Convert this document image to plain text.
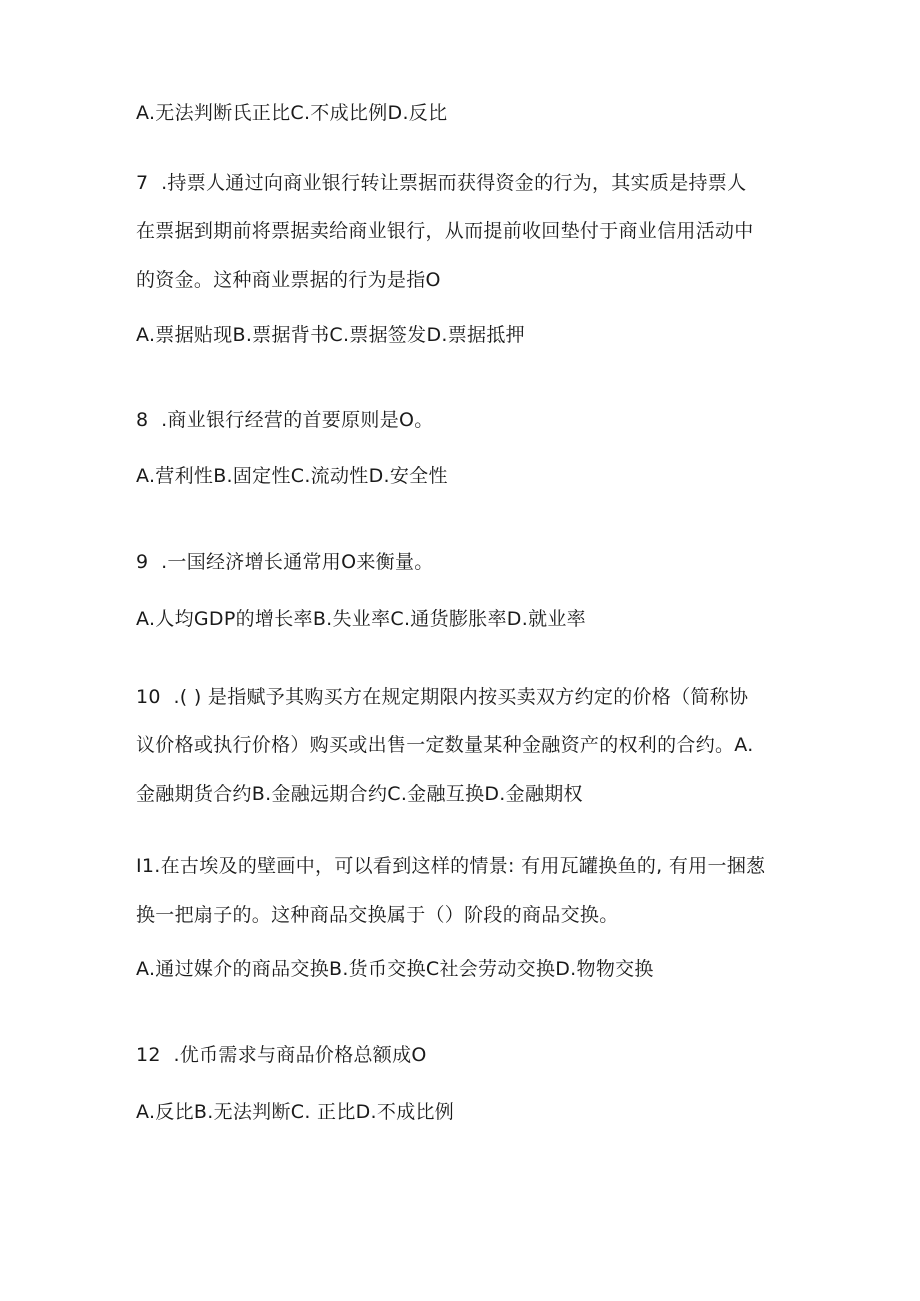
A.无法判断氏正比C.不成比例D.反比

7  .持票人通过向商业银行转让票据而获得资金的行为，其实质是持票人

在票据到期前将票据卖给商业银行，从而提前收回垫付于商业信用活动中

的资金。这种商业票据的行为是指O

A.票据贴现B.票据背书C.票据签发D.票据抵押

8  .商业银行经营的首要原则是O。

A.营利性B.固定性C.流动性D.安全性

9  .一国经济增长通常用O来衡量。

A.人均GDP的增长率B.失业率C.通货膨胀率D.就业率

10  .( ) 是指赋予其购买方在规定期限内按买卖双方约定的价格（简称协

议价格或执行价格）购买或出售一定数量某种金融资产的权利的合约。A.

金融期货合约B.金融远期合约C.金融互换D.金融期权

I1.在古埃及的壁画中，可以看到这样的情景: 有用瓦罐换鱼的, 有用一捆葱

换一把扇子的。这种商品交换属于（）阶段的商品交换。

A.通过媒介的商品交换B.货币交换C社会劳动交换D.物物交换

12  .优币需求与商品价格总额成O

A.反比B.无法判断C. 正比D.不成比例
